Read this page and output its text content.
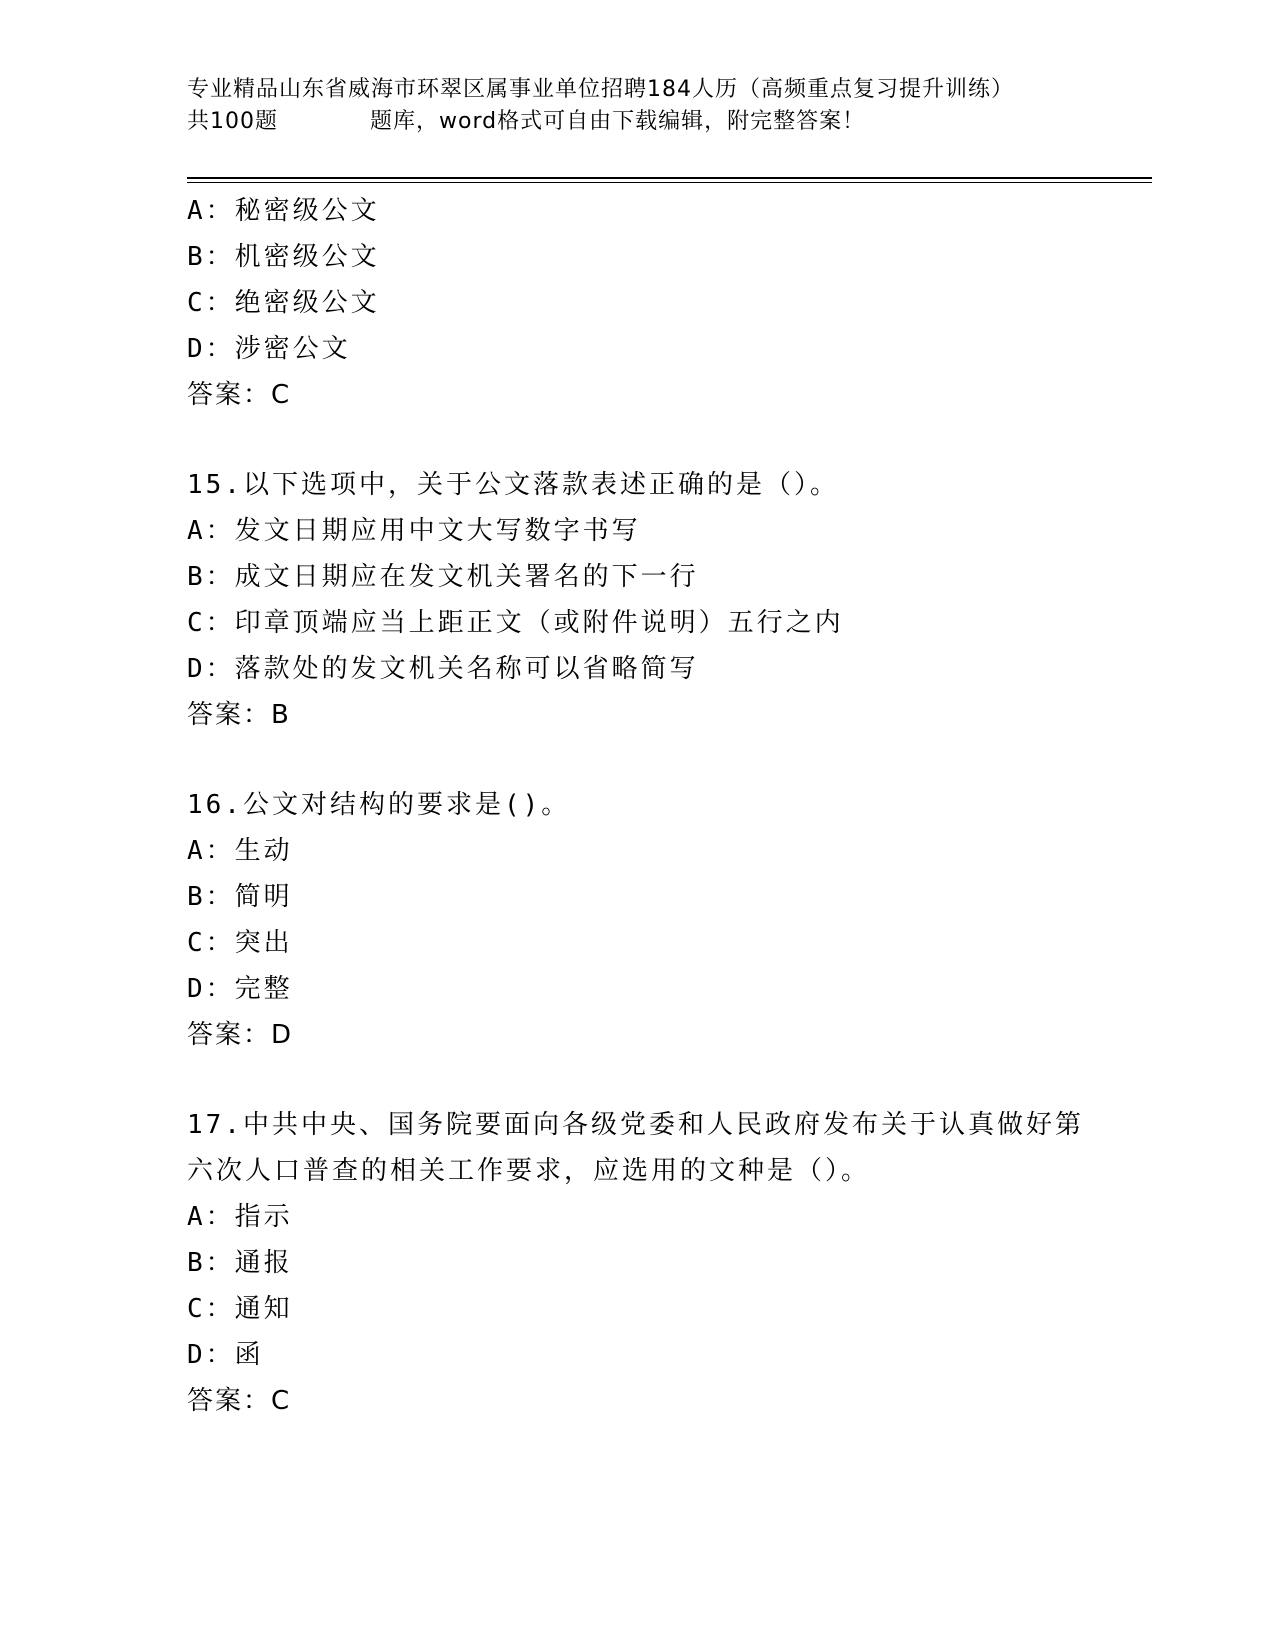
专业精品山东省威海市环翠区属事业单位招聘184人历（高频重点复习提升训练）
共100题	题库，word格式可自由下载编辑，附完整答案！
A：秘密级公文
B：机密级公文
C：绝密级公文
D：涉密公文
答案：C
15.以下选项中，关于公文落款表述正确的是（）。
A：发文日期应用中文大写数字书写
B：成文日期应在发文机关署名的下一行
C：印章顶端应当上距正文（或附件说明）五行之内
D：落款处的发文机关名称可以省略简写
答案：B
16.公文对结构的要求是()。
A：生动
B：简明
C：突出
D：完整
答案：D
17.中共中央、国务院要面向各级党委和人民政府发布关于认真做好第六次人口普查的相关工作要求，应选用的文种是（）。
A：指示
B：通报
C：通知
D：函
答案：C
